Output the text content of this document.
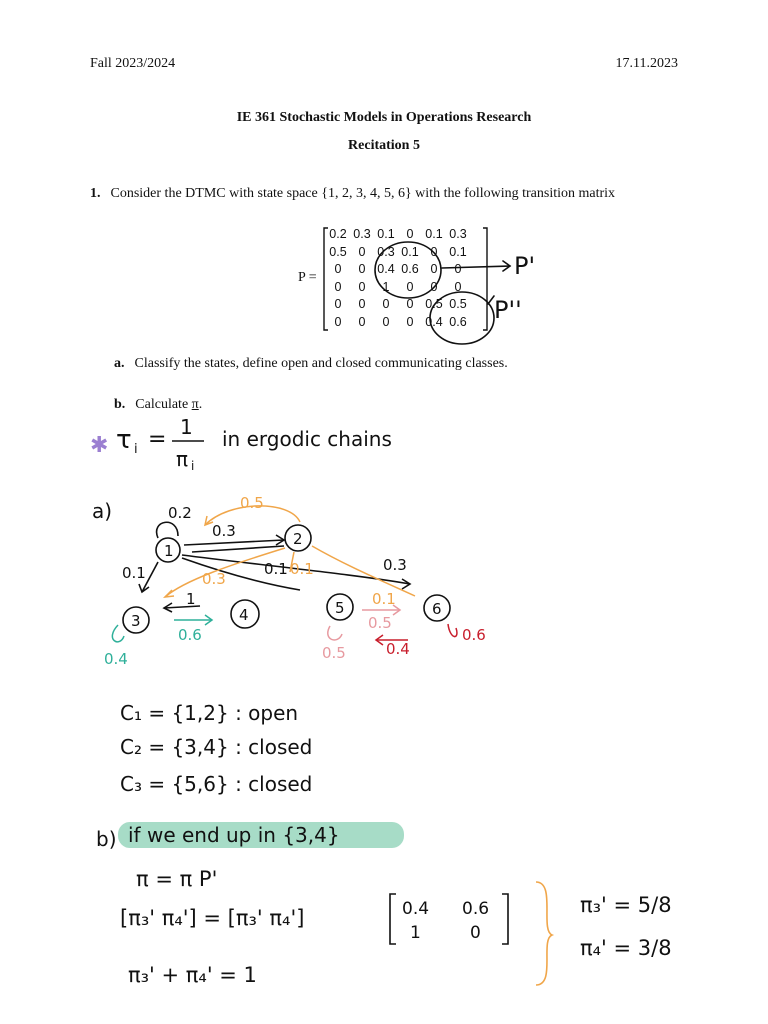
Fall 2023/2024	17.11.2023
IE 361 Stochastic Models in Operations Research
Recitation 5
1. Consider the DTMC with state space {1, 2, 3, 4, 5, 6} with the following transition matrix
P =
0.2	0.3	0.1	0	0.1	0.3
0.5	0	0.3	0.1	0	0.1
0	0	0.4	0.6	0	0
0	0	1	0	0	0
0	0	0	0	0.5	0.5
0	0	0	0	0.4	0.6
a. Classify the states, define open and closed communicating classes.
b. Calculate π.
P'
P''
✱ τ i = 1
π i
in ergodic chains
a)
1
2
3	4	5	6
0.2
0.3
0.1	0.3
0.1
1
0.5
0.3
0.1
0.1
0.6
0.4
0.5
0.5	0.4
0.6
C₁ = {1,2} : open
C₂ = {3,4} : closed
C₃ = {5,6} : closed
b) if we end up in {3,4}
π = π P'
[π₃' π₄'] = [π₃' π₄']	0.4 0.6
1	0
π₃' + π₄' = 1
π₃' = 5/8
π₄' = 3/8
